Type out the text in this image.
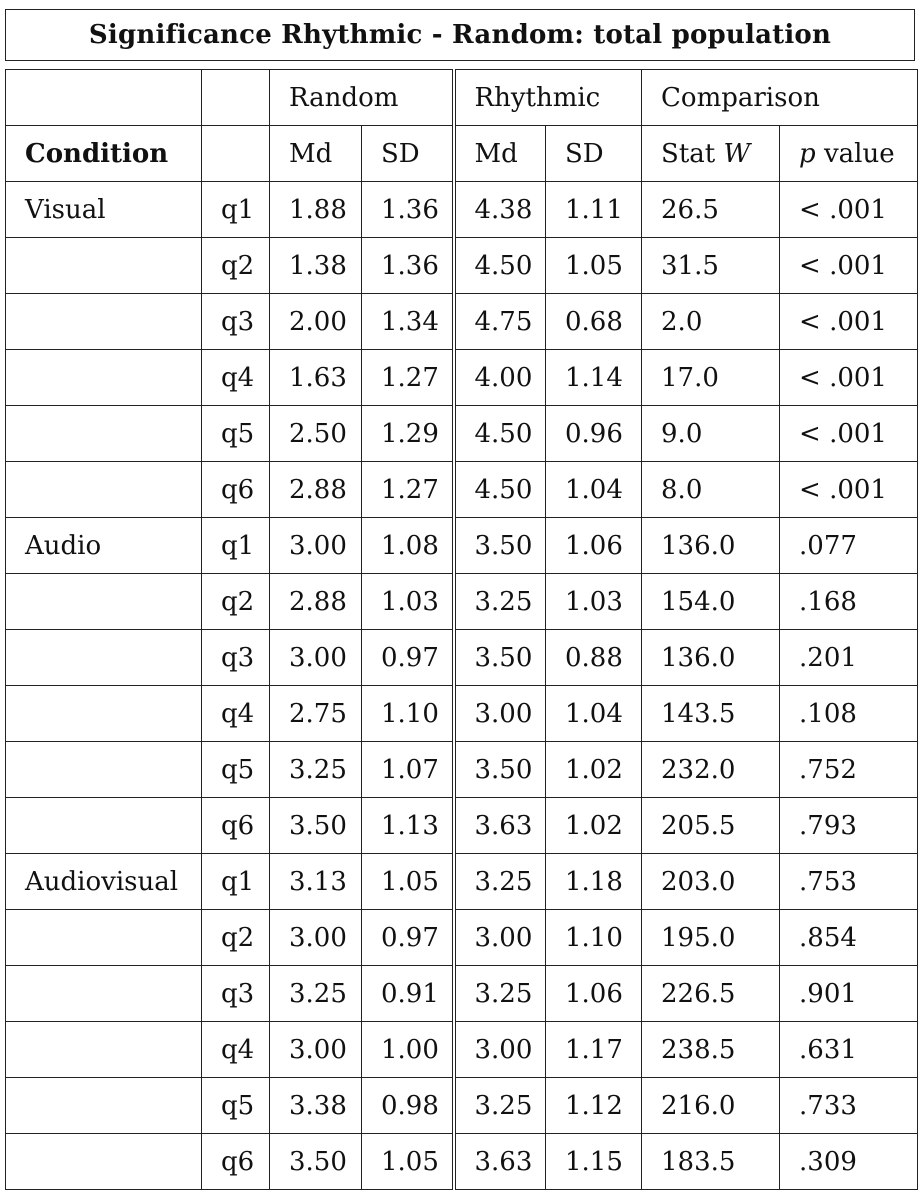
Significance Rhythmic - Random: total population
		Random		Rhythmic		Comparison	
Condition		Md	SD	Md	SD	Stat W	p value
Visual	q1	1.88	1.36	4.38	1.11	26.5	< .001
	q2	1.38	1.36	4.50	1.05	31.5	< .001
	q3	2.00	1.34	4.75	0.68	2.0	< .001
	q4	1.63	1.27	4.00	1.14	17.0	< .001
	q5	2.50	1.29	4.50	0.96	9.0	< .001
	q6	2.88	1.27	4.50	1.04	8.0	< .001
Audio	q1	3.00	1.08	3.50	1.06	136.0	.077
	q2	2.88	1.03	3.25	1.03	154.0	.168
	q3	3.00	0.97	3.50	0.88	136.0	.201
	q4	2.75	1.10	3.00	1.04	143.5	.108
	q5	3.25	1.07	3.50	1.02	232.0	.752
	q6	3.50	1.13	3.63	1.02	205.5	.793
Audiovisual	q1	3.13	1.05	3.25	1.18	203.0	.753
	q2	3.00	0.97	3.00	1.10	195.0	.854
	q3	3.25	0.91	3.25	1.06	226.5	.901
	q4	3.00	1.00	3.00	1.17	238.5	.631
	q5	3.38	0.98	3.25	1.12	216.0	.733
	q6	3.50	1.05	3.63	1.15	183.5	.309
